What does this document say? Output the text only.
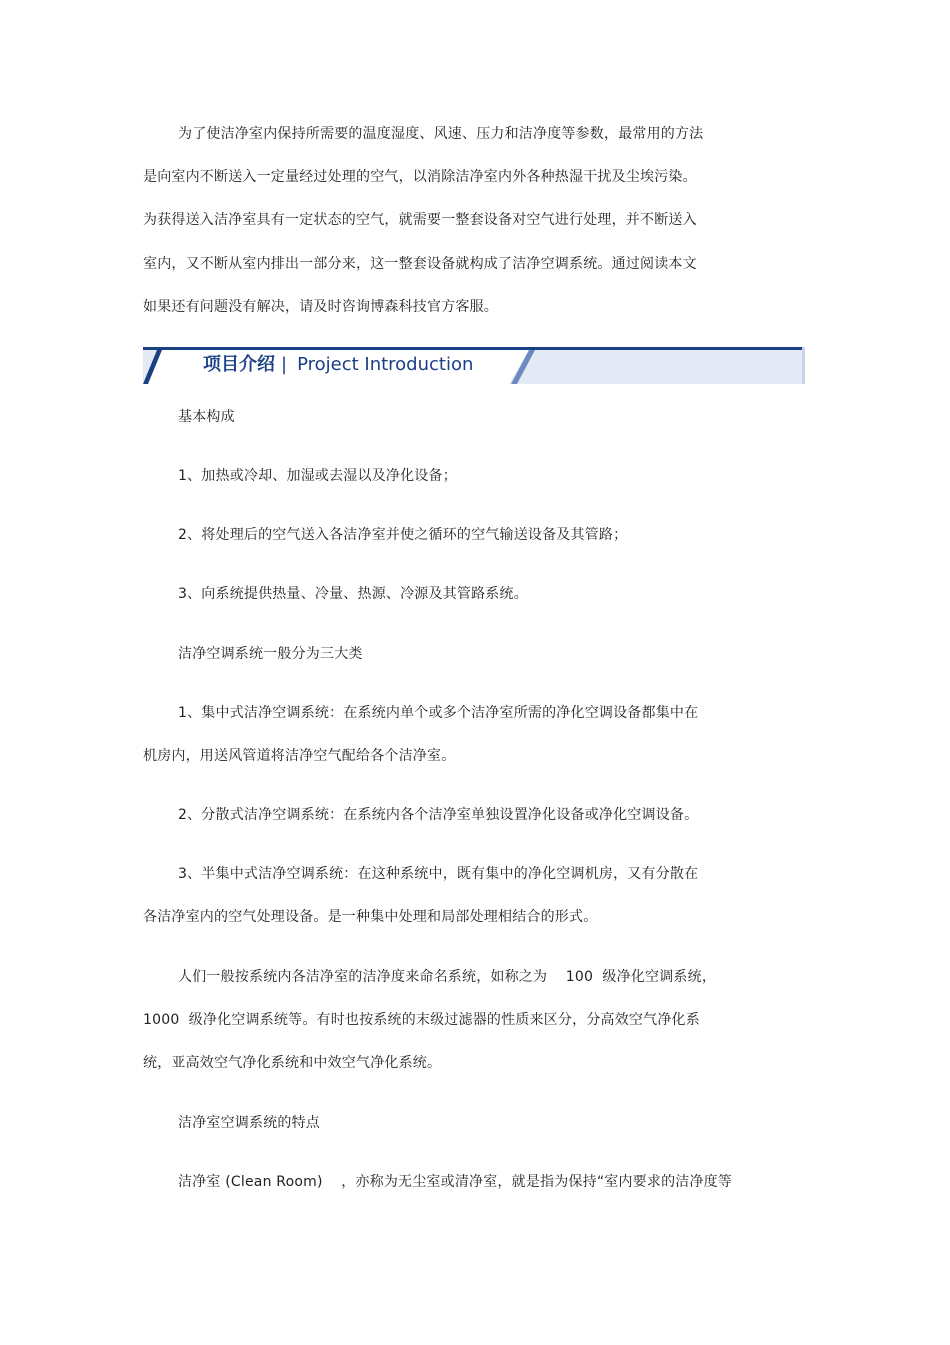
为了使洁净室内保持所需要的温度湿度、风速、压力和洁净度等参数，最常用的方法

是向室内不断送入一定量经过处理的空气，以消除洁净室内外各种热湿干扰及尘埃污染。

为获得送入洁净室具有一定状态的空气，就需要一整套设备对空气进行处理，并不断送入

室内，又不断从室内排出一部分来，这一整套设备就构成了洁净空调系统。通过阅读本文

如果还有问题没有解决，请及时咨询博森科技官方客服。

项目介绍 | Project Introduction

基本构成

1、加热或冷却、加湿或去湿以及净化设备；

2、将处理后的空气送入各洁净室并使之循环的空气输送设备及其管路；

3、向系统提供热量、冷量、热源、冷源及其管路系统。

洁净空调系统一般分为三大类

1、集中式洁净空调系统：在系统内单个或多个洁净室所需的净化空调设备都集中在

机房内，用送风管道将洁净空气配给各个洁净室。

2、分散式洁净空调系统：在系统内各个洁净室单独设置净化设备或净化空调设备。

3、半集中式洁净空调系统：在这种系统中，既有集中的净化空调机房，又有分散在

各洁净室内的空气处理设备。是一种集中处理和局部处理相结合的形式。

人们一般按系统内各洁净室的洁净度来命名系统，如称之为    100  级净化空调系统，

1000  级净化空调系统等。有时也按系统的末级过滤器的性质来区分，分高效空气净化系

统，亚高效空气净化系统和中效空气净化系统。

洁净室空调系统的特点

洁净室 (Clean Room)    ，亦称为无尘室或清净室，就是指为保持“室内要求的洁净度等
